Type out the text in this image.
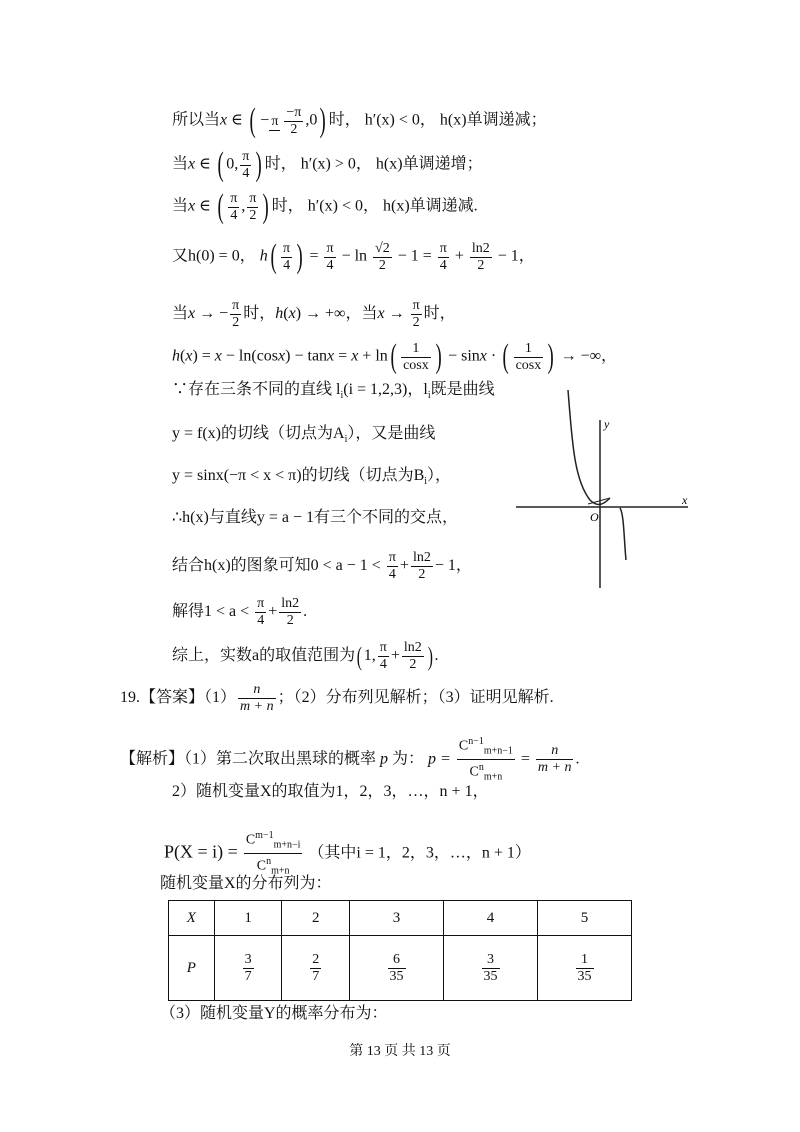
所以当x ∈ ( − π $\frac{-\pi}{2} ,0$) 时， h′(x) < 0， h(x)单调递减；
当x ∈ ( 0, $\frac{\pi}{4}$ ) 时， h′(x) > 0， h(x)单调递增；
当x ∈ ( $\frac{\pi}{4}$ , $\frac{\pi}{2}$ ) 时， h′(x) < 0， h(x)单调递减.
又h(0) = 0， $h( \frac{\pi}{4}$ ) = $\frac{\pi}{4} - \ln \frac{√2}{2} - 1 = \frac{\pi}{4} + \frac{\ln 2}{2} - 1$，
当x → − $\frac{\pi}{2}$ 时，h(x) → +∞，当$x \to \frac{\pi}{2}$ 时，
$h(x) = x - \ln(\cos x) - \tan x = x + \ln( \frac{1}{\cos x}$ ) − sinx · ( $\frac{1}{\cos x}$ ) → −∞，
∵存在三条不同的直线 $l_i(i = 1,2,3)$，$l_i$既是曲线
y = f(x)的切线（切点为$A_i$），又是曲线
y = sinx(−π < x < π)的切线（切点为$B_i$），
∴h(x)与直线y = a − 1有三个不同的交点，
结合h(x)的图象可知$0 < a - 1 < \frac{\pi}{4} + \frac{\ln 2}{2} - 1$，
解得$1 < a < \frac{\pi}{4} + \frac{\ln 2}{2}$ .
综上，实数a的取值范围为( 1, $\frac{\pi}{4} + \frac{\ln 2}{2}$ ) .
y
x
O
19.【答案】$(1) \frac{n}{m + n}$ ；（2）分布列见解析；（3）证明见解析.
【解析】（1）第二次取出黑球的概率 p 为： $p = \frac{C^{n-1}_{m+n-1}}{C^n_{m+n}} = \frac{n}{m + n}$ .
2）随机变量X的取值为1，2，3，…，n + 1，
$P(X = i) = \frac{C^{m-1}_{m+n-i}}{C^n_{m+n}}$ （其中i = 1，2，3，…，n + 1）
随机变量X的分布列为：
X	1	2	3	4	5
P	$\frac{3}{7}$	$\frac{2}{7}$	$\frac{6}{35}$	$\frac{3}{35}$	$\frac{1}{35}$
（3）随机变量Y的概率分布为：
第 13 页 共 13 页
